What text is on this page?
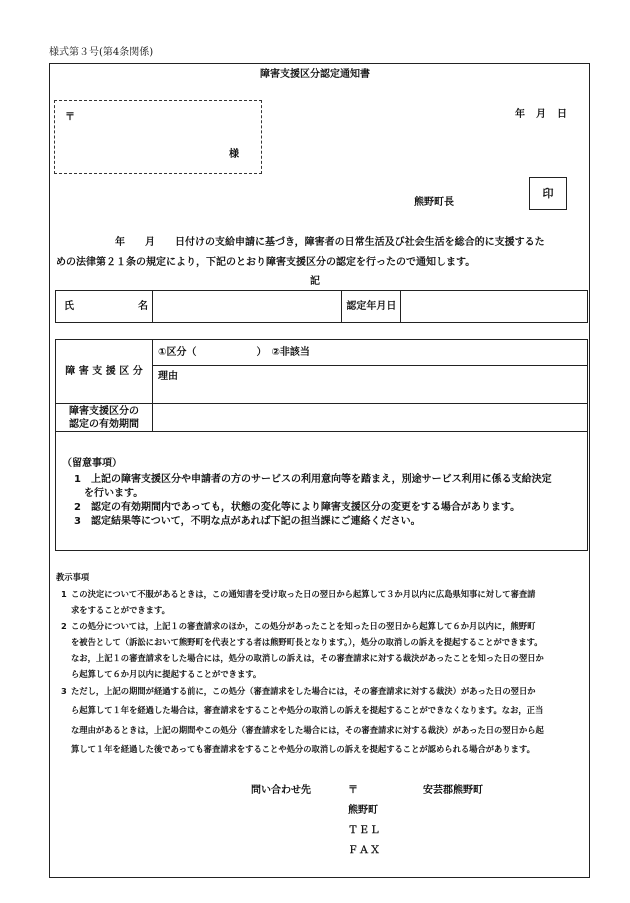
様式第３号(第4条関係)
障害支援区分認定通知書
〒
様
年　月　日
熊野町長
印
年　　月　　日付けの支給申請に基づき，障害者の日常生活及び社会生活を総合的に支援するた
めの法律第２１条の規定により，下記のとおり障害支援区分の認定を行ったので通知します。
記
氏	名		認定年月日	
障 害 支 援 区 分	①区分（　　　　　　）　②非該当
	理由

障害支援区分の
認定の有効期間	

（留意事項）
1 上記の障害支援区分や申請者の方のサービスの利用意向等を踏まえ，別途サービス利用に係る支給決定
を行います。
2 認定の有効期間内であっても，状態の変化等により障害支援区分の変更をする場合があります。
3 認定結果等について，不明な点があれば下記の担当課にご連絡ください。
教示事項
1 この決定について不服があるときは，この通知書を受け取った日の翌日から起算して３か月以内に広島県知事に対して審査請
求をすることができます。
2 この処分については，上記１の審査請求のほか，この処分があったことを知った日の翌日から起算して６か月以内に，熊野町
を被告として（訴訟において熊野町を代表とする者は熊野町長となります。），処分の取消しの訴えを提起することができます。
なお，上記１の審査請求をした場合には，処分の取消しの訴えは，その審査請求に対する裁決があったことを知った日の翌日か
ら起算して６か月以内に提起することができます。
3 ただし，上記の期間が経過する前に，この処分（審査請求をした場合には，その審査請求に対する裁決）があった日の翌日か
ら起算して１年を経過した場合は，審査請求をすることや処分の取消しの訴えを提起することができなくなります。なお，正当
な理由があるときは，上記の期間やこの処分（審査請求をした場合には，その審査請求に対する裁決）があった日の翌日から起
算して１年を経過した後であっても審査請求をすることや処分の取消しの訴えを提起することが認められる場合があります。
問い合わせ先	〒	安芸郡熊野町
熊野町
ＴＥＬ
ＦＡＸ
